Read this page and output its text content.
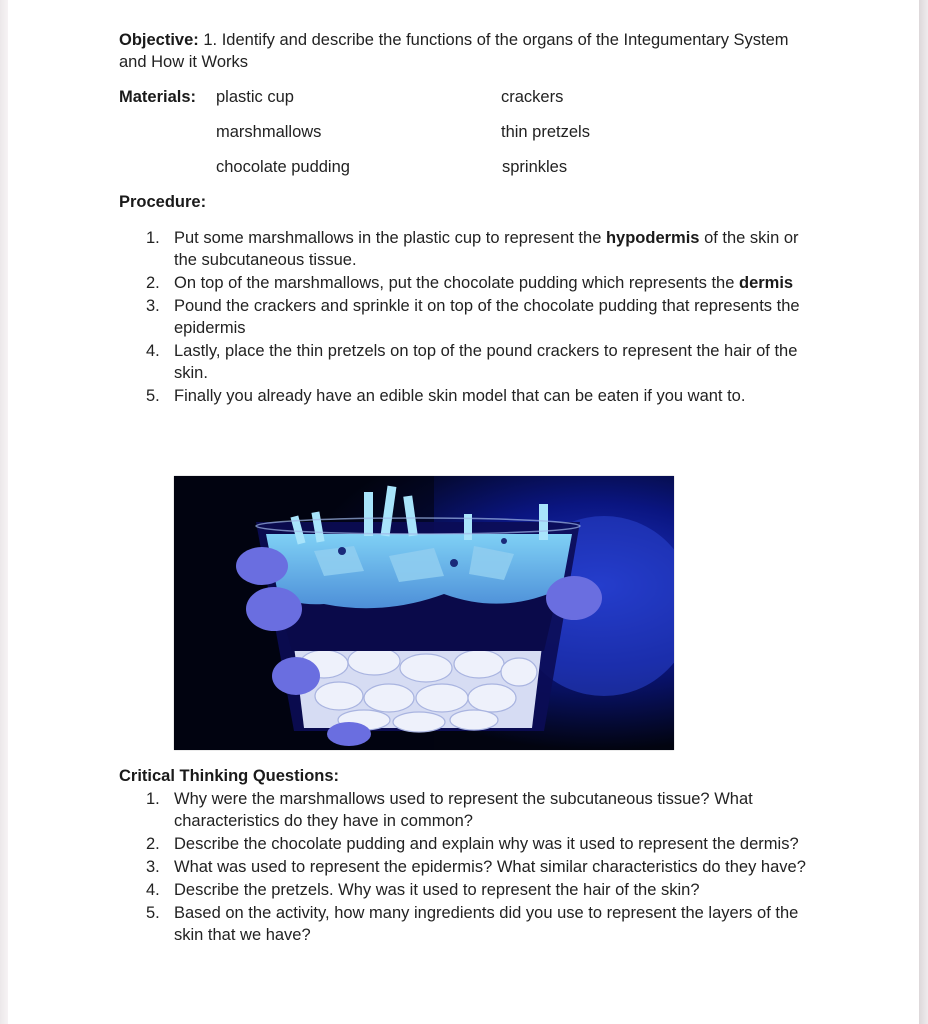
Objective: 1. Identify and describe the functions of the organs of the Integumentary System and How it Works
Materials: plastic cup	crackers
marshmallows	thin pretzels
chocolate pudding	sprinkles
Procedure:
1. Put some marshmallows in the plastic cup to represent the hypodermis of the skin or the subcutaneous tissue.
2. On top of the marshmallows, put the chocolate pudding which represents the dermis
3. Pound the crackers and sprinkle it on top of the chocolate pudding that represents the epidermis
4. Lastly, place the thin pretzels on top of the pound crackers to represent the hair of the skin.
5. Finally you already have an edible skin model that can be eaten if you want to.
Critical Thinking Questions:
1. Why were the marshmallows used to represent the subcutaneous tissue? What characteristics do they have in common?
2. Describe the chocolate pudding and explain why was it used to represent the dermis?
3. What was used to represent the epidermis? What similar characteristics do they have?
4. Describe the pretzels. Why was it used to represent the hair of the skin?
5. Based on the activity, how many ingredients did you use to represent the layers of the skin that we have?
